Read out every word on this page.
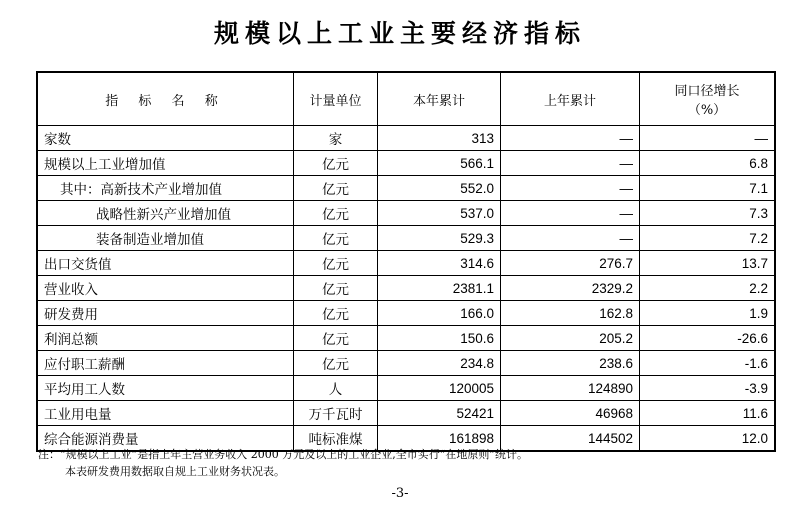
规模以上工业主要经济指标
指 标 名 称	计量单位	本年累计	上年累计	同口径增长
（%）

家数	家	313	—	—
规模以上工业增加值	亿元	566.1	—	6.8
其中：高新技术产业增加值	亿元	552.0	—	7.1
战略性新兴产业增加值	亿元	537.0	—	7.3
装备制造业增加值	亿元	529.3	—	7.2
出口交货值	亿元	314.6	276.7	13.7
营业收入	亿元	2381.1	2329.2	2.2
研发费用	亿元	166.0	162.8	1.9
利润总额	亿元	150.6	205.2	-26.6
应付职工薪酬	亿元	234.8	238.6	-1.6
平均用工人数	人	120005	124890	-3.9
工业用电量	万千瓦时	52421	46968	11.6
综合能源消费量	吨标准煤	161898	144502	12.0
注：“规模以上工业”是指上年主营业务收入 2000 万元及以上的工业企业,全市实行“在地原则”统计。
本表研发费用数据取自规上工业财务状况表。
-3-
